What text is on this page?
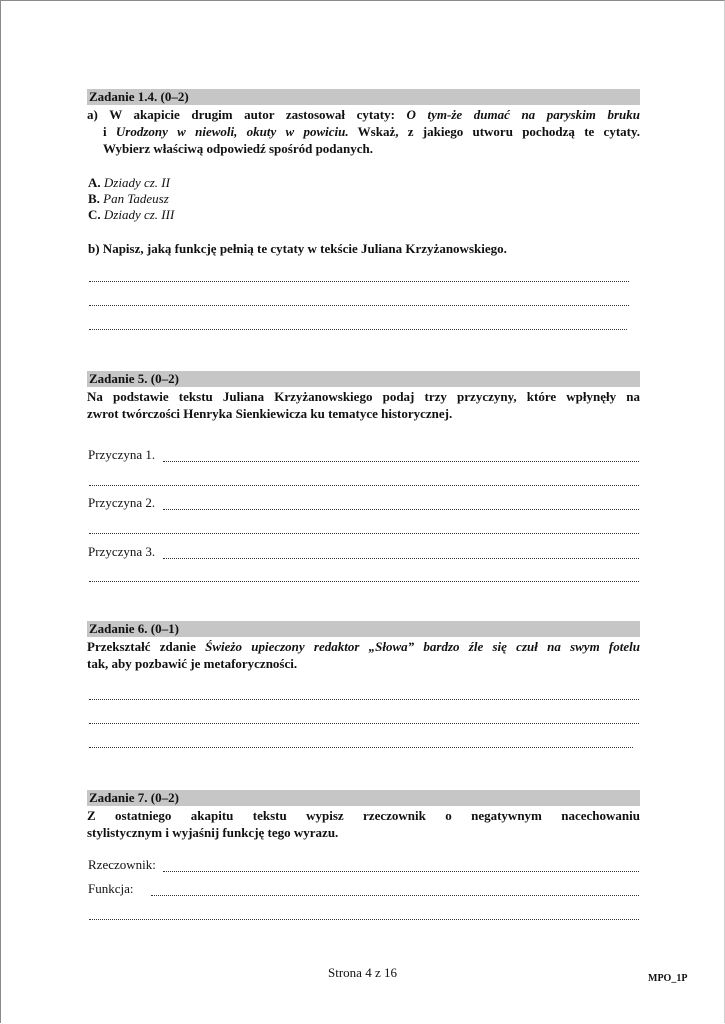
Zadanie 1.4. (0–2)
a) W akapicie drugim autor zastosował cytaty: O tym-że dumać na paryskim bruku
i Urodzony w niewoli, okuty w powiciu. Wskaż, z jakiego utworu pochodzą te cytaty.
Wybierz właściwą odpowiedź spośród podanych.
A. Dziady cz. II
B. Pan Tadeusz
C. Dziady cz. III
b) Napisz, jaką funkcję pełnią te cytaty w tekście Juliana Krzyżanowskiego.
Zadanie 5. (0–2)
Na podstawie tekstu Juliana Krzyżanowskiego podaj trzy przyczyny, które wpłynęły na
zwrot twórczości Henryka Sienkiewicza ku tematyce historycznej.
Przyczyna 1.
Przyczyna 2.
Przyczyna 3.
Zadanie 6. (0–1)
Przekształć zdanie Świeżo upieczony redaktor „Słowa” bardzo źle się czuł na swym fotelu
tak, aby pozbawić je metaforyczności.
Zadanie 7. (0–2)
Z ostatniego akapitu tekstu wypisz rzeczownik o negatywnym nacechowaniu
stylistycznym i wyjaśnij funkcję tego wyrazu.
Rzeczownik:
Funkcja:
Strona 4 z 16	MPO_1P
